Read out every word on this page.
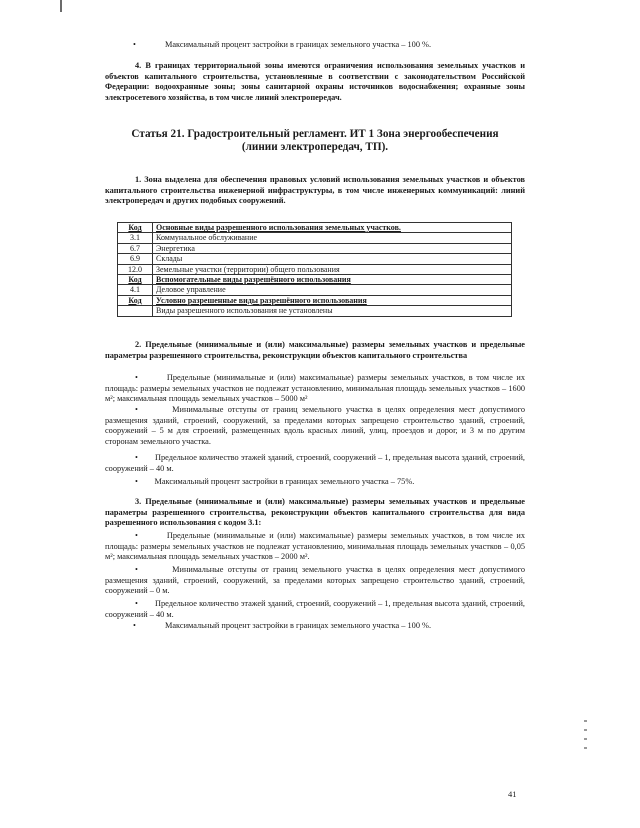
•	Максимальный процент застройки в границах земельного участка – 100 %.
4. В границах территориальной зоны имеются ограничения использования земельных участков и объектов капитального строительства, установленные в соответствии с законодательством Российской Федерации: водоохранные зоны; зоны санитарной охраны источников водоснабжения; охранные зоны электросетевого хозяйства, в том числе линий электропередач.
Статья 21. Градостроительный регламент. ИТ 1 Зона энергообеспечения
(линии электропередач, ТП).
1. Зона выделена для обеспечения правовых условий использования земельных участков и объектов капитального строительства инженерной инфраструктуры, в том числе инженерных коммуникаций: линий электропередач и других подобных сооружений.
Код	Основные виды разрешенного использования земельных участков.
3.1	Коммунальное обслуживание
6.7	Энергетика
6.9	Склады
12.0	Земельные участки (территории) общего пользования
Код	Вспомогательные виды разрешённого использования
4.1	Деловое управление
Код	Условно разрешенные виды разрешённого использования
	Виды разрешенного использования не установлены
2. Предельные (минимальные и (или) максимальные) размеры земельных участков и предельные параметры разрешенного строительства, реконструкции объектов капитального строительства
•	Предельные (минимальные и (или) максимальные) размеры земельных участков, в том числе их площадь: размеры земельных участков не подлежат установлению, минимальная площадь земельных участков – 1600 м²; максимальная площадь земельных участков – 5000 м²
•	Минимальные отступы от границ земельного участка в целях определения мест допустимого размещения зданий, строений, сооружений, за пределами которых запрещено строительство зданий, строений, сооружений – 5 м для строений, размещенных вдоль красных линий, улиц, проездов и дорог, и 3 м по другим сторонам земельного участка.
• Предельное количество этажей зданий, строений, сооружений – 1, предельная высота зданий, строений, сооружений – 40 м.
• Максимальный процент застройки в границах земельного участка – 75%.
3. Предельные (минимальные и (или) максимальные) размеры земельных участков и предельные параметры разрешенного строительства, реконструкции объектов капитального строительства для вида разрешенного использования с кодом 3.1:
•	Предельные (минимальные и (или) максимальные) размеры земельных участков, в том числе их площадь: размеры земельных участков не подлежат установлению, минимальная площадь земельных участков – 0,05 м²; максимальная площадь земельных участков – 2000 м².
•	Минимальные отступы от границ земельного участка в целях определения мест допустимого размещения зданий, строений, сооружений, за пределами которых запрещено строительство зданий, строений, сооружений – 0 м.
• Предельное количество этажей зданий, строений, сооружений – 1, предельная высота зданий, строений, сооружений – 40 м.
•	Максимальный процент застройки в границах земельного участка – 100 %.
41
